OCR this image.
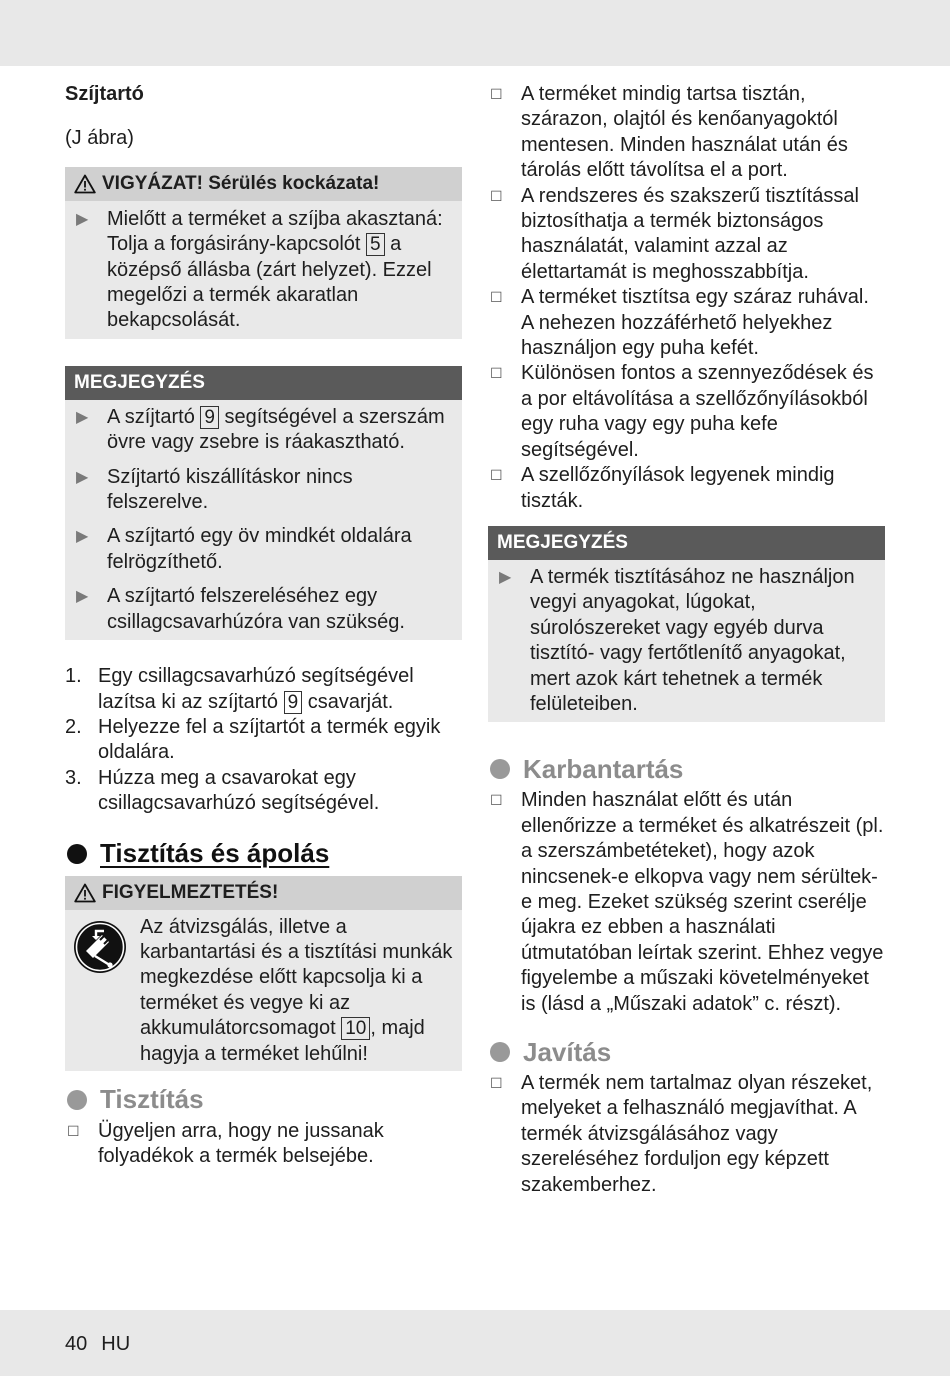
Szíjtartó
(J ábra)
VIGYÁZAT! Sérülés kockázata!
▶ Mielőtt a terméket a szíjba akasztaná: Tolja a forgásirány-kapcsolót 5 a középső állásba (zárt helyzet). Ezzel megelőzi a termék akaratlan bekapcsolását.
MEGJEGYZÉS
▶ A szíjtartó 9 segítségével a szerszám övre vagy zsebre is ráakasztható.
▶ Szíjtartó kiszállításkor nincs felszerelve.
▶ A szíjtartó egy öv mindkét oldalára felrögzíthető.
▶ A szíjtartó felszereléséhez egy csillagcsavarhúzóra van szükség.
1. Egy csillagcsavarhúzó segítségével lazítsa ki az szíjtartó 9 csavarját.
2. Helyezze fel a szíjtartót a termék egyik oldalára.
3. Húzza meg a csavarokat egy csillagcsavarhúzó segítségével.
Tisztítás és ápolás
FIGYELMEZTETÉS!
Az átvizsgálás, illetve a karbantartási és a tisztítási munkák megkezdése előtt kapcsolja ki a terméket és vegye ki az akkumulátorcsomagot 10 , majd hagyja a terméket lehűlni!
Tisztítás
☐ Ügyeljen arra, hogy ne jussanak folyadékok a termék belsejébe.
☐ A terméket mindig tartsa tisztán, szárazon, olajtól és kenőanyagoktól mentesen. Minden használat után és tárolás előtt távolítsa el a port.
☐ A rendszeres és szakszerű tisztítással biztosíthatja a termék biztonságos használatát, valamint azzal az élettartamát is meghosszabbítja.
☐ A terméket tisztítsa egy száraz ruhával. A nehezen hozzáférhető helyekhez használjon egy puha kefét.
☐ Különösen fontos a szennyeződések és a por eltávolítása a szellőzőnyílásokból egy ruha vagy egy puha kefe segítségével.
☐ A szellőzőnyílások legyenek mindig tiszták.
MEGJEGYZÉS
▶ A termék tisztításához ne használjon vegyi anyagokat, lúgokat, súrolószereket vagy egyéb durva tisztító- vagy fertőtlenítő anyagokat, mert azok kárt tehetnek a termék felületeiben.
Karbantartás
☐ Minden használat előtt és után ellenőrizze a terméket és alkatrészeit (pl. a szerszámbetéteket), hogy azok nincsenek-e elkopva vagy nem sérültek-e meg. Ezeket szükség szerint cserélje újakra ez ebben a használati útmutatóban leírtak szerint. Ehhez vegye figyelembe a műszaki követelményeket is (lásd a „Műszaki adatok” c. részt).
Javítás
☐ A termék nem tartalmaz olyan részeket, melyeket a felhasználó megjavíthat. A termék átvizsgálásához vagy szereléséhez forduljon egy képzett szakemberhez.
40 HU
